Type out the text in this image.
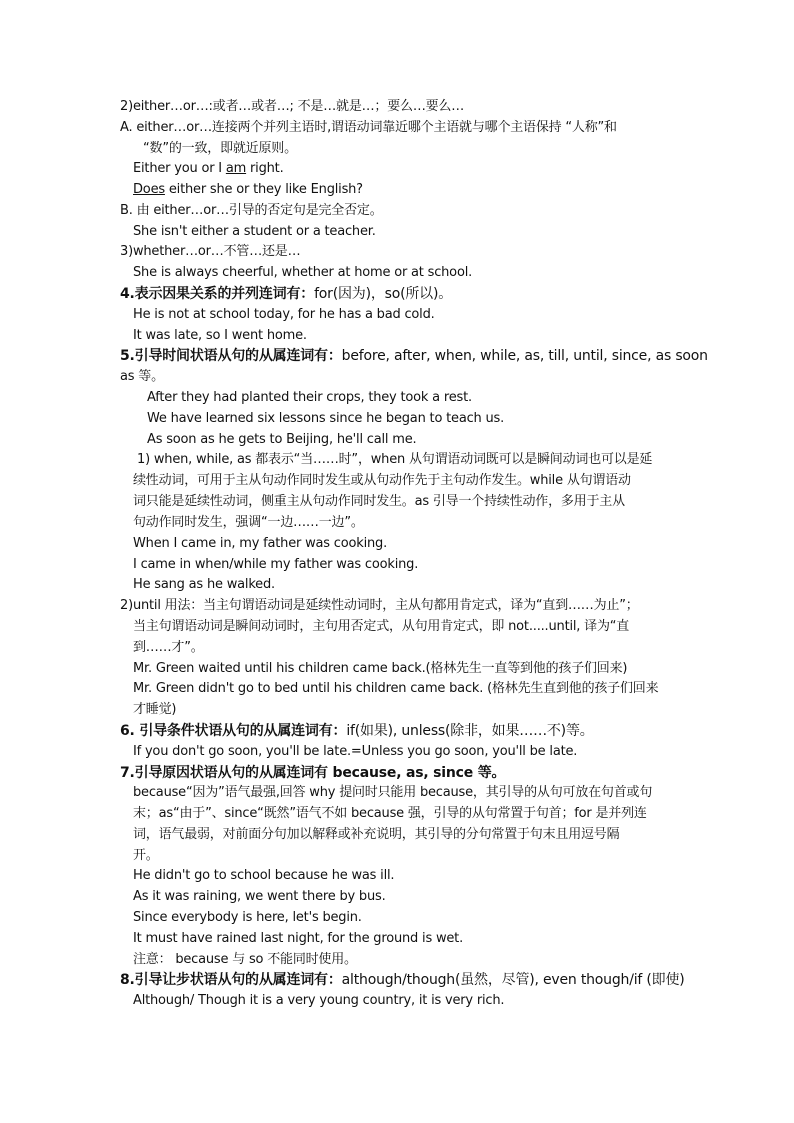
2)either…or…:或者…或者…; 不是…就是…；要么…要么…
A. either…or…连接两个并列主语时,谓语动词靠近哪个主语就与哪个主语保持 “人称”和
“数”的一致，即就近原则。
Either you or I am right.
Does either she or they like English?
B. 由 either…or…引导的否定句是完全否定。
She isn't either a student or a teacher.
3)whether…or…不管…还是…
She is always cheerful, whether at home or at school.
4.表示因果关系的并列连词有：for(因为)，so(所以)。
He is not at school today, for he has a bad cold.
It was late, so I went home.
5.引导时间状语从句的从属连词有：before, after, when, while, as, till, until, since, as soon
as 等。
After they had planted their crops, they took a rest.
We have learned six lessons since he began to teach us.
As soon as he gets to Beijing, he'll call me.
1) when, while, as 都表示“当……时”，when 从句谓语动词既可以是瞬间动词也可以是延
续性动词，可用于主从句动作同时发生或从句动作先于主句动作发生。while 从句谓语动
词只能是延续性动词，侧重主从句动作同时发生。as 引导一个持续性动作，多用于主从
句动作同时发生，强调“一边……一边”。
When I came in, my father was cooking.
I came in when/while my father was cooking.
He sang as he walked.
2)until 用法：当主句谓语动词是延续性动词时，主从句都用肯定式，译为“直到……为止”；
当主句谓语动词是瞬间动词时，主句用否定式，从句用肯定式，即 not.....until, 译为“直
到……才”。
Mr. Green waited until his children came back.(格林先生一直等到他的孩子们回来)
Mr. Green didn't go to bed until his children came back. (格林先生直到他的孩子们回来
才睡觉)
6. 引导条件状语从句的从属连词有：if(如果), unless(除非，如果……不)等。
If you don't go soon, you'll be late.=Unless you go soon, you'll be late.
7.引导原因状语从句的从属连词有 because, as, since 等。
because“因为”语气最强,回答 why 提问时只能用 because，其引导的从句可放在句首或句
末；as“由于”、since“既然”语气不如 because 强，引导的从句常置于句首；for 是并列连
词，语气最弱，对前面分句加以解释或补充说明，其引导的分句常置于句末且用逗号隔
开。
He didn't go to school because he was ill.
As it was raining, we went there by bus.
Since everybody is here, let's begin.
It must have rained last night, for the ground is wet.
注意： because 与 so 不能同时使用。
8.引导让步状语从句的从属连词有：although/though(虽然，尽管), even though/if (即使)
Although/ Though it is a very young country, it is very rich.
